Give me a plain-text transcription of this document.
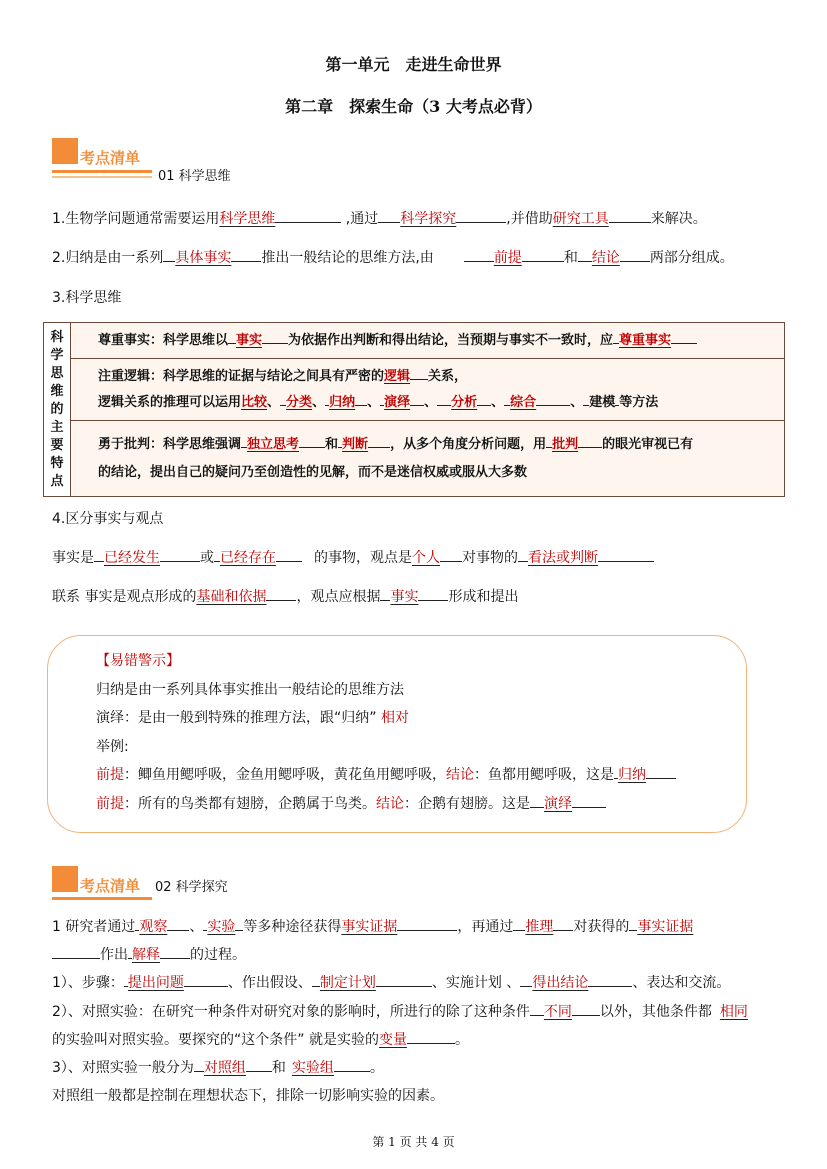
第一单元　走进生命世界
第二章　探索生命（3 大考点必背）
考点清单
01 科学思维
1.生物学问题通常需要运用科学思维	,通过 科学探究	,并借助研究工具	来解决。
2.归纳是由一系列 具体事实 推出一般结论的思维方法,由	前提	和 结论 两部分组成。
3.科学思维
科
学
思
维
的
主
要
特
点

尊重事实：科学思维以 事实 为依据作出判断和得出结论，当预期与事实不一致时，应 尊重事实

注重逻辑：科学思维的证据与结论之间具有严密的逻辑 关系，
逻辑关系的推理可以运用比较、 分类、 归纳 、 演绎 、 分析 、 综合	、 建模 等方法

勇于批判：科学思维强调 独立思考 和 判断 ，从多个角度分析问题，用 批判 的眼光审视已有
的结论，提出自己的疑问乃至创造性的见解，而不是迷信权威或服从大多数
4.区分事实与观点
事实是 已经发生	或 已经存在	的事物，观点是个人 对事物的 看法或判断
联系 事实是观点形成的基础和依据 ，观点应根据 事实 形成和提出
【易错警示】
归纳是由一系列具体事实推出一般结论的思维方法
演绎：是由一般到特殊的推理方法，跟“归纳” 相对
举例:
前提：鲫鱼用鳃呼吸，金鱼用鳃呼吸，黄花鱼用鳃呼吸，结论：鱼都用鳃呼吸，这是 归纳
前提：所有的鸟类都有翅膀，企鹅属于鸟类。结论：企鹅有翅膀。这是 演绎
考点清单 02 科学探究
1 研究者通过 观察 、 实验 等多种途径获得事实证据	，再通过 推理 对获得的 事实证据
作出 解释 的过程。
1）、步骤： 提出问题	、作出假设、 制定计划	、实施计划 、 得出结论	、表达和交流。
2）、对照实验：在研究一种条件对研究对象的影响时，所进行的除了这种条件 不同 以外，其他条件都 相同
的实验叫对照实验。要探究的“这个条件” 就是实验的变量	。
3）、对照实验一般分为 对照组 和 实验组	。
对照组一般都是控制在理想状态下，排除一切影响实验的因素。
第 1 页 共 4 页
